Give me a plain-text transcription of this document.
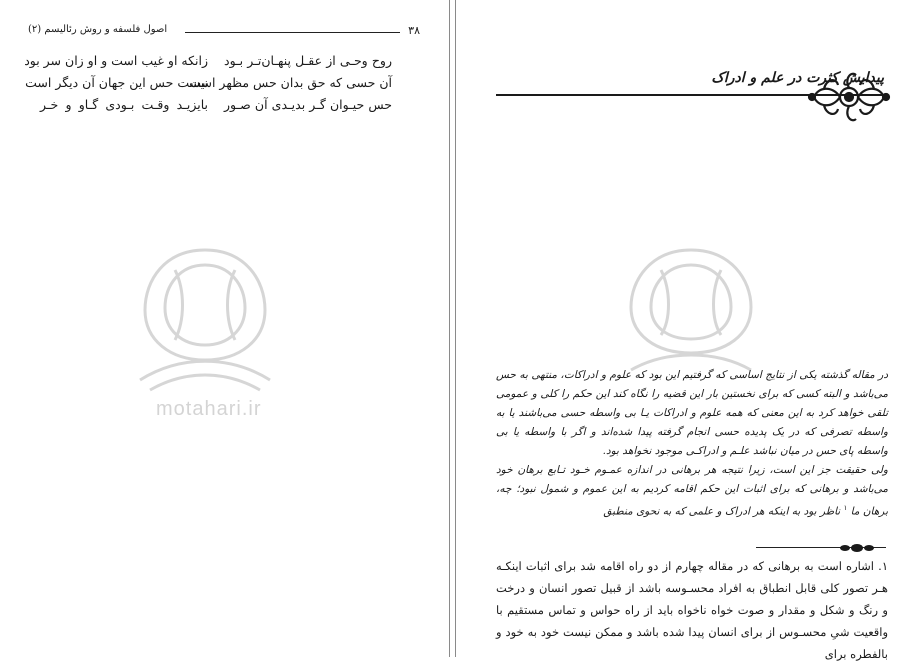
۳۸
اصول فلسفه و روش رئالیسم (۲)
روح وحـی از عقـل پنهـان‌تـر بـود
زانکه او غیب است و او زان سر بود
آن حسی که حق بدان حس مظهر است
نیست حس این جهان آن دیگر است
حس حیـوان گـر بدیـدی آن صـور
بایزیـد وقـت بـودی گـاو و خـر
motahari.ir
پیدایش کثرت در علم و ادراک

در مقاله گذشته یکی از نتایج اساسی که گرفتیم این بود که علوم و ادراکات، منتهی به حس می‌باشد و البته کسی که برای نخستین بار این قضیه را نگاه کند این حکم را کلی و عمومی تلقی خواهد کرد به این معنی که همه علوم و ادراکات یـا بی واسطه حسی می‌باشند یا به واسطه تصرفی که در یک پدیده حسی انجام گرفته پیدا شده‌اند و اگر با واسطه یا بی واسطه پای حس در میان نباشد علـم و ادراکـی موجود نخواهد بود.

ولی حقیقت جز این است، زیرا نتیجه هر برهانی در اندازه عمـوم خـود تـابع برهان خود می‌باشد و برهانی که برای اثبات این حکم اقامه کردیم به این عموم و شمول نبود؛ چه، برهان ما $^۱$ ناظر بود به اینکه هر ادراک و علمی که به نحوی منطبق

۱. اشاره است به برهانی که در مقاله چهارم از دو راه اقامه شد برای اثبات اینکـه هـر تصور کلی قابل انطباق به افراد محسـوسه باشد از قبیل تصور انسان و درخت و رنگ و شکل و مقدار و صوت خواه ناخواه باید از راه حواس و تماس مستقیم با واقعیت شیِ محسـوس از برای انسان پیدا شده باشد و ممکن نیست خود به خود و بالفطره برای
